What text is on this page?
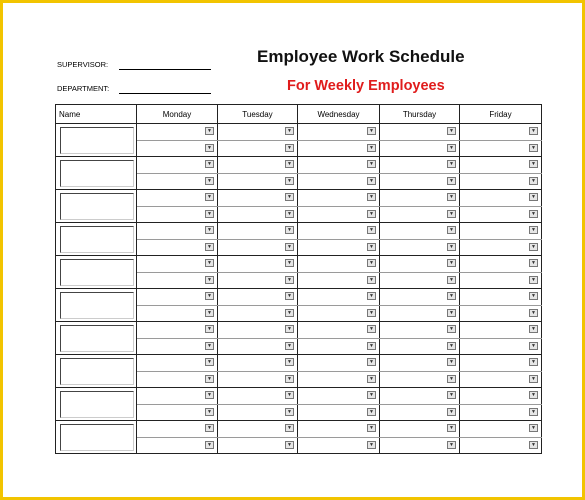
SUPERVISOR:
DEPARTMENT:
Employee Work Schedule
For Weekly Employees
Name	Monday	Tuesday	Wednesday	Thursday	Friday

	▼	▼	▼	▼	▼

	▼	▼	▼	▼	▼

	▼	▼	▼	▼	▼

	▼	▼	▼	▼	▼

	▼	▼	▼	▼	▼

	▼	▼	▼	▼	▼

	▼	▼	▼	▼	▼

	▼	▼	▼	▼	▼

	▼	▼	▼	▼	▼

	▼	▼	▼	▼	▼

	▼	▼	▼	▼	▼

	▼	▼	▼	▼	▼

	▼	▼	▼	▼	▼

	▼	▼	▼	▼	▼

	▼	▼	▼	▼	▼

	▼	▼	▼	▼	▼

	▼	▼	▼	▼	▼

	▼	▼	▼	▼	▼

	▼	▼	▼	▼	▼

	▼	▼	▼	▼	▼
